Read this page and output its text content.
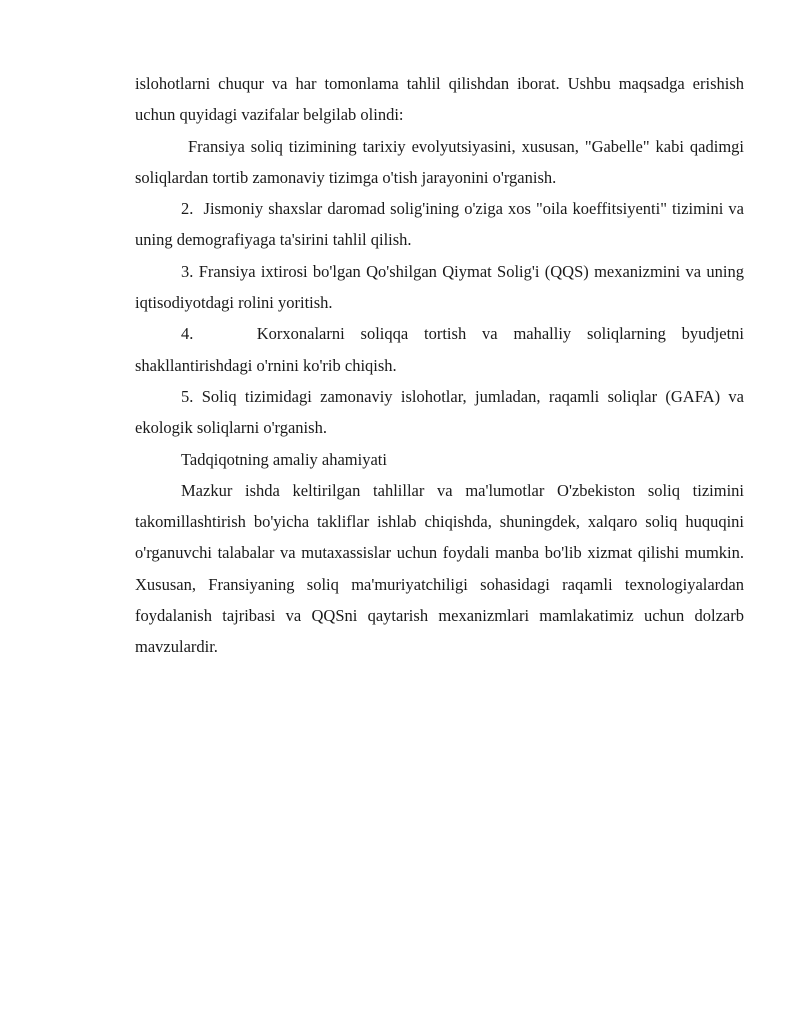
islohotlarni chuqur va har tomonlama tahlil qilishdan iborat. Ushbu maqsadga erishish uchun quyidagi vazifalar belgilab olindi:

Fransiya soliq tizimining tarixiy evolyutsiyasini, xususan, "Gabelle" kabi qadimgi soliqlardan tortib zamonaviy tizimga o'tish jarayonini o'rganish.

2. Jismoniy shaxslar daromad solig'ining o'ziga xos "oila koeffitsiyenti" tizimini va uning demografiyaga ta'sirini tahlil qilish.

3. Fransiya ixtirosi bo'lgan Qo'shilgan Qiymat Solig'i (QQS) mexanizmini va uning iqtisodiyotdagi rolini yoritish.

4.	Korxonalarni soliqqa tortish va mahalliy soliqlarning byudjetni shakllantirishdagi o'rnini ko'rib chiqish.

5. Soliq tizimidagi zamonaviy islohotlar, jumladan, raqamli soliqlar (GAFA) va ekologik soliqlarni o'rganish.

Tadqiqotning amaliy ahamiyati

Mazkur ishda keltirilgan tahlillar va ma'lumotlar O'zbekiston soliq tizimini takomillashtirish bo'yicha takliflar ishlab chiqishda, shuningdek, xalqaro soliq huquqini o'rganuvchi talabalar va mutaxassislar uchun foydali manba bo'lib xizmat qilishi mumkin. Xususan, Fransiyaning soliq ma'muriyatchiligi sohasidagi raqamli texnologiyalardan foydalanish tajribasi va QQSni qaytarish mexanizmlari mamlakatimiz uchun dolzarb mavzulardir.
